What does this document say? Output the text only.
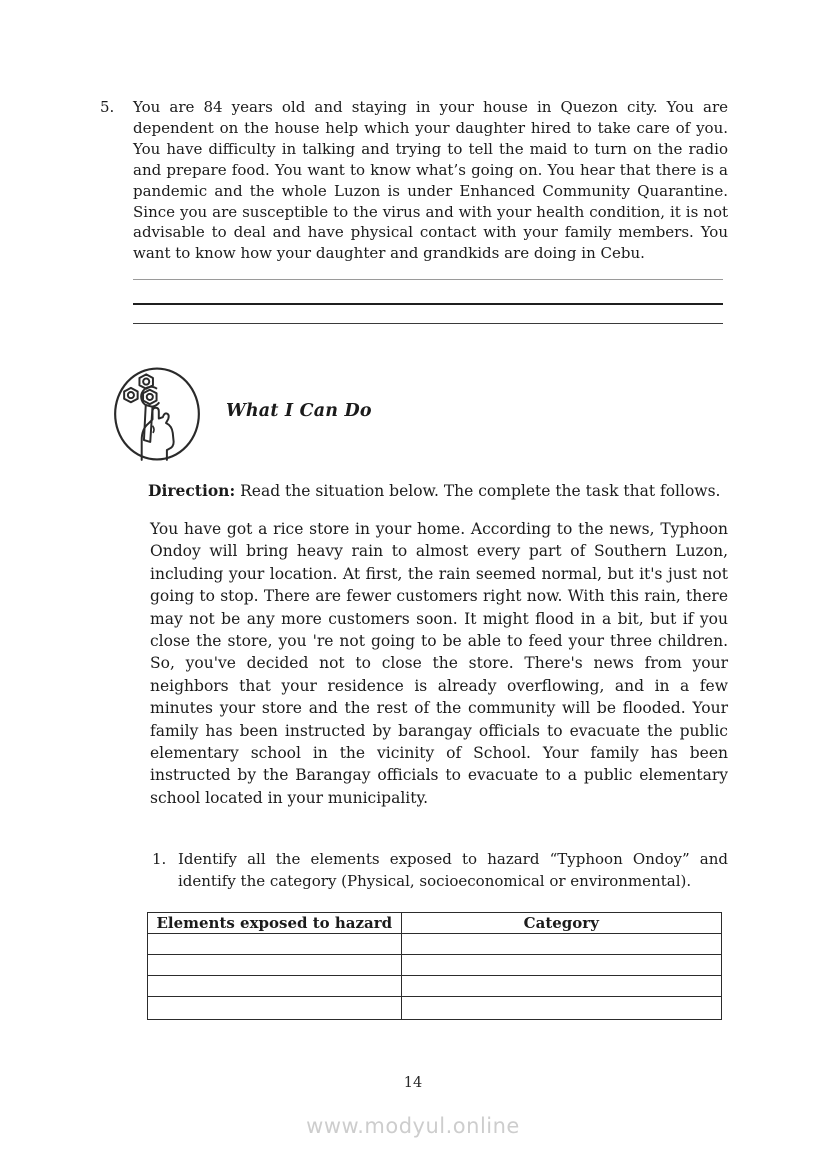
5. You are 84 years old and staying in your house in Quezon city. You are dependent on the house help which your daughter hired to take care of you. You have difficulty in talking and trying to tell the maid to turn on the radio and prepare food. You want to know what’s going on. You hear that there is a pandemic and the whole Luzon is under Enhanced Community Quarantine. Since you are susceptible to the virus and with your health condition, it is not advisable to deal and have physical contact with your family members. You want to know how your daughter and grandkids are doing in Cebu.
What I Can Do
Direction: Read the situation below. The complete the task that follows.
You have got a rice store in your home. According to the news, Typhoon Ondoy will bring heavy rain to almost every part of Southern Luzon, including your location. At first, the rain seemed normal, but it's just not going to stop. There are fewer customers right now. With this rain, there may not be any more customers soon. It might flood in a bit, but if you close the store, you 're not going to be able to feed your three children. So, you've decided not to close the store. There's news from your neighbors that your residence is already overflowing, and in a few minutes your store and the rest of the community will be flooded. Your family has been instructed by barangay officials to evacuate the public elementary school in the vicinity of School. Your family has been instructed by the Barangay officials to evacuate to a public elementary school located in your municipality.
1. Identify all the elements exposed to hazard “Typhoon Ondoy” and identify the category (Physical, socioeconomical or environmental).
Elements exposed to hazard	Category

14
www.modyul.online
